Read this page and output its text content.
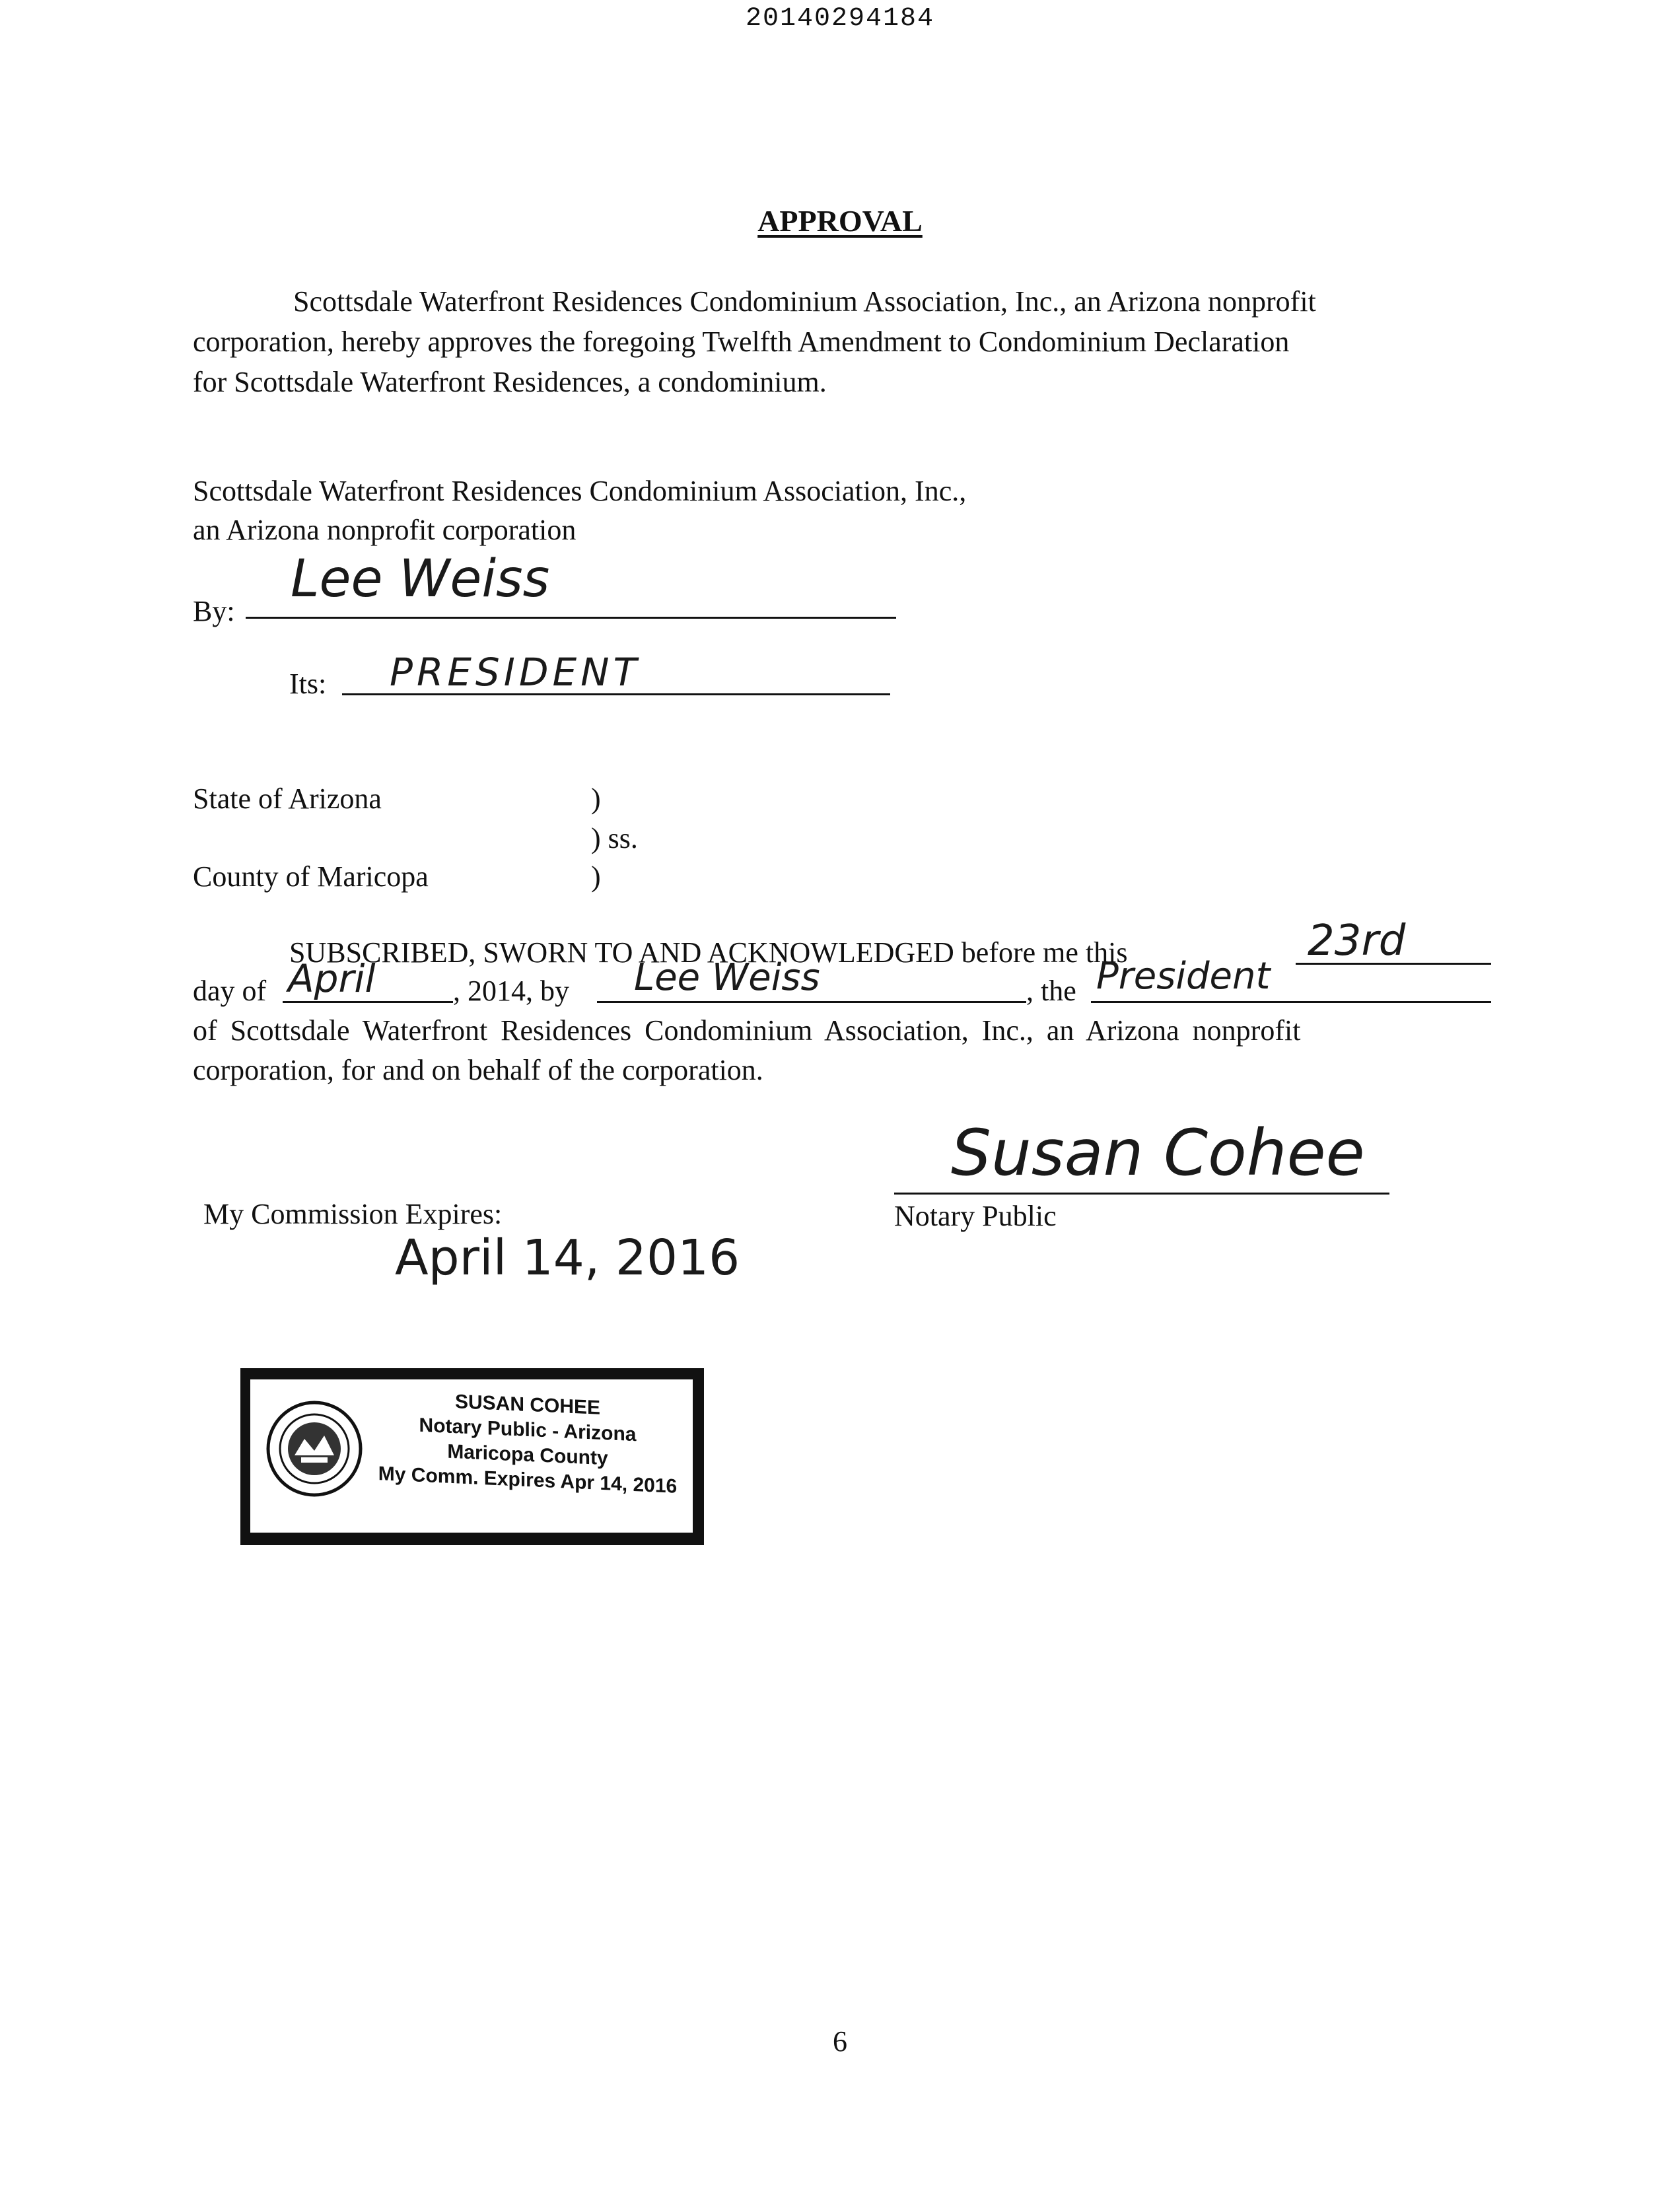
20140294184
APPROVAL
Scottsdale Waterfront Residences Condominium Association, Inc., an Arizona nonprofit
corporation, hereby approves the foregoing Twelfth Amendment to Condominium Declaration
for Scottsdale Waterfront Residences, a condominium.
Scottsdale Waterfront Residences Condominium Association, Inc.,
an Arizona nonprofit corporation
By:
Lee Weiss
Its: PRESIDENT
State of Arizona	)
) ss.
County of Maricopa	)
SUBSCRIBED, SWORN TO AND ACKNOWLEDGED before me this	23rd
day of April	, 2014, by Lee Weiss	, the President
of Scottsdale Waterfront Residences Condominium Association, Inc., an Arizona nonprofit
corporation, for and on behalf of the corporation.
My Commission Expires:
April 14, 2016
Susan Cohee
Notary Public
SUSAN COHEE
Notary Public - Arizona
Maricopa County
My Comm. Expires Apr 14, 2016
6
